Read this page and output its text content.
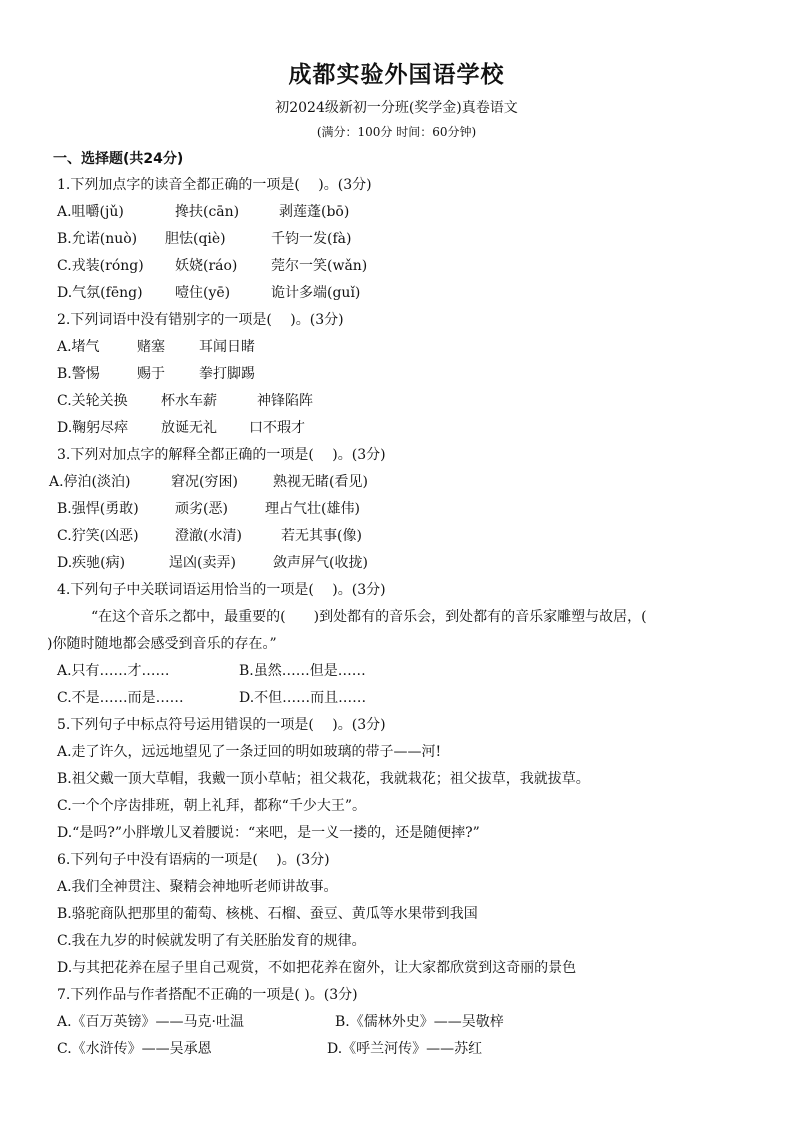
成都实验外国语学校
初2024级新初一分班(奖学金)真卷语文
(满分：100分 时间：60分钟)
一、选择题(共24分)
1.下列加点字的读音全都正确的一项是(　 )。(3分)
A.咀嚼(jǔ)	搀扶(cān)	剥莲蓬(bō)
B.允诺(nuò) 胆怯(qiè)	千钧一发(fà)
C.戎装(róng) 妖娆(ráo) 莞尔一笑(wǎn)
D.气氛(fēng) 噎住(yē)	诡计多端(guǐ)
2.下列词语中没有错别字的一项是(　 )。(3分)
A.堵气	赌塞 耳闻日睹
B.警惕	赐于 拳打脚踢
C.关轮关换 杯水车薪	神锋陷阵
D.鞠躬尽瘁 放诞无礼 口不瑕才
3.下列对加点字的解释全都正确的一项是(　 )。(3分)
A.停泊(淡泊)	窘况(穷困)	熟视无睹(看见)
B.强悍(勇敢)	顽劣(恶)	理占气壮(雄伟)
C.狞笑(凶恶)	澄澈(水清)	若无其事(像)
D.疾驰(病)	逞凶(卖弄)	敛声屏气(收拢)
4.下列句子中关联词语运用恰当的一项是(　 )。(3分)
“在这个音乐之都中，最重要的(　　)到处都有的音乐会，到处都有的音乐家雕塑与故居，(
)你随时随地都会感受到音乐的存在。”
A.只有……才……	B.虽然……但是……
C.不是……而是……	D.不但……而且……
5.下列句子中标点符号运用错误的一项是(　 )。(3分)
A.走了许久，远远地望见了一条迂回的明如玻璃的带子——河!
B.祖父戴一顶大草帽，我戴一顶小草帖；祖父栽花，我就栽花；祖父拔草，我就拔草。
C.一个个序齿排班，朝上礼拜，都称“千少大王”。
D.“是吗?”小胖墩儿叉着腰说：“来吧，是一义一搂的，还是随便摔?”
6.下列句子中没有语病的一项是(　 )。(3分)
A.我们全神贯注、聚精会神地听老师讲故事。
B.骆驼商队把那里的葡萄、核桃、石榴、蚕豆、黄瓜等水果带到我国
C.我在九岁的时候就发明了有关胚胎发育的规律。
D.与其把花养在屋子里自己观赏，不如把花养在窗外，让大家都欣赏到这奇丽的景色
7.下列作品与作者搭配不正确的一项是( )。(3分)
A.《百万英镑》——马克·吐温	B.《儒林外史》——吴敬梓
C.《水浒传》——吴承恩	D.《呼兰河传》——苏红
